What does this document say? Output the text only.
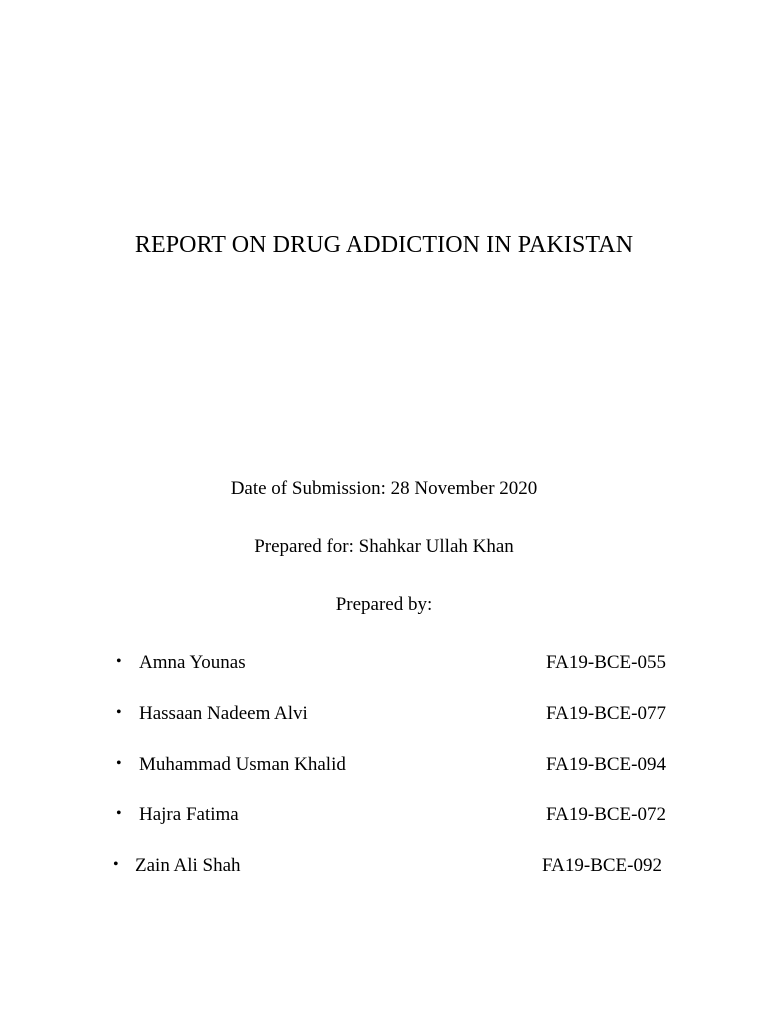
REPORT ON DRUG ADDICTION IN PAKISTAN
Date of Submission: 28 November 2020
Prepared for: Shahkar Ullah Khan
Prepared by:
• Amna Younas	FA19-BCE-055
• Hassaan Nadeem Alvi	FA19-BCE-077
• Muhammad Usman Khalid	FA19-BCE-094
• Hajra Fatima	FA19-BCE-072
• Zain Ali Shah	FA19-BCE-092
